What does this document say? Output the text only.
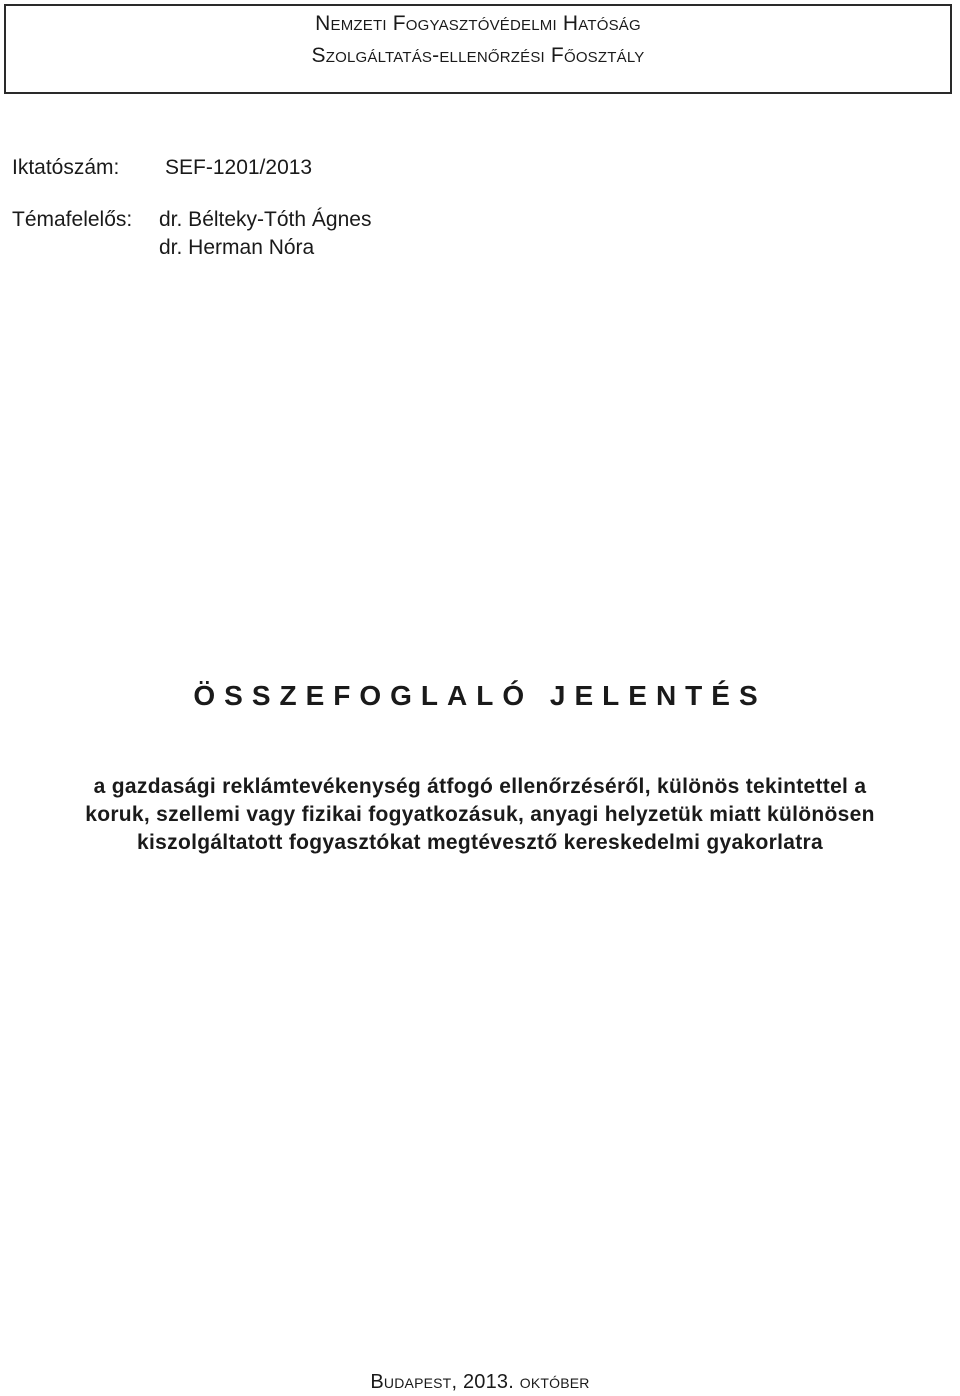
Nemzeti Fogyasztóvédelmi Hatóság
Szolgáltatás-ellenőrzési Főosztály
Iktatószám: SEF-1201/2013
Témafelelős: dr. Bélteky-Tóth Ágnes
dr. Herman Nóra
ÖSSZEFOGLALÓ JELENTÉS
a gazdasági reklámtevékenység átfogó ellenőrzéséről, különös tekintettel a
koruk, szellemi vagy fizikai fogyatkozásuk, anyagi helyzetük miatt különösen
kiszolgáltatott fogyasztókat megtévesztő kereskedelmi gyakorlatra
Budapest, 2013. október
